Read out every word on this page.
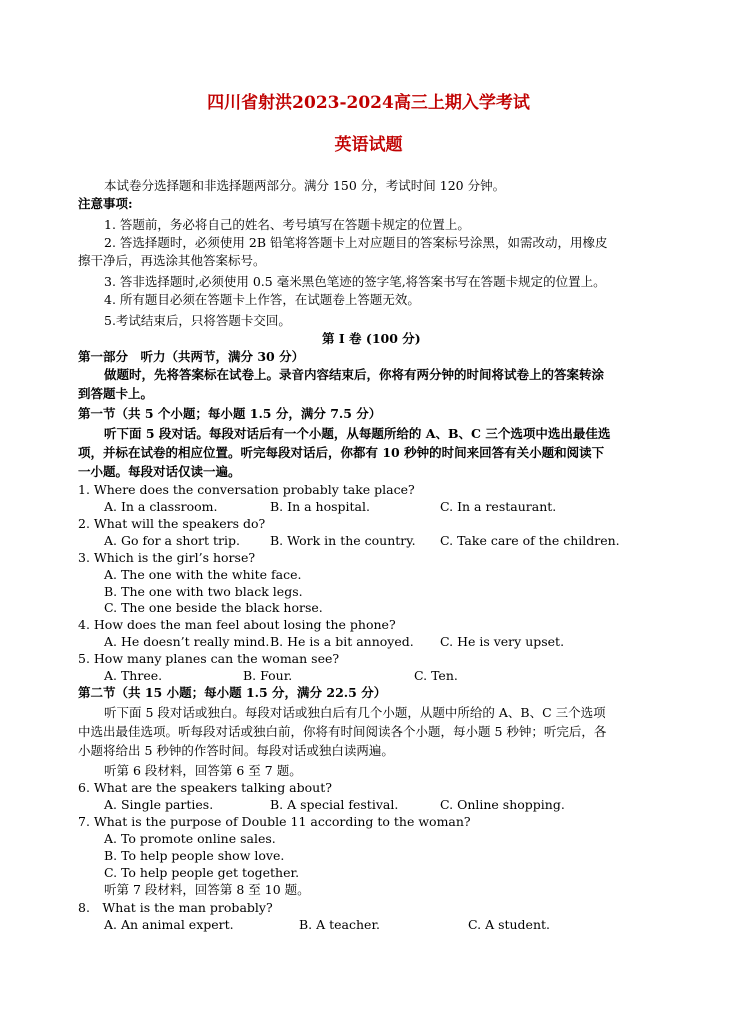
四川省射洪2023-2024高三上期入学考试
英语试题
本试卷分选择题和非选择题两部分。满分 150 分，考试时间 120 分钟。
注意事项:
1. 答题前，务必将自己的姓名、考号填写在答题卡规定的位置上。
2. 答选择题时，必须使用 2B 铅笔将答题卡上对应题目的答案标号涂黑，如需改动，用橡皮
擦干净后，再选涂其他答案标号。
3. 答非选择题时,必须使用 0.5 毫米黑色笔迹的签字笔,将答案书写在答题卡规定的位置上。
4. 所有题目必须在答题卡上作答，在试题卷上答题无效。
5.考试结束后，只将答题卡交回。
第 I 卷 (100 分)
第一部分　听力（共两节，满分 30 分）
做题时，先将答案标在试卷上。录音内容结束后，你将有两分钟的时间将试卷上的答案转涂
到答题卡上。
第一节（共 5 个小题；每小题 1.5 分，满分 7.5 分）
听下面 5 段对话。每段对话后有一个小题，从每题所给的 A、B、C 三个选项中选出最佳选
项，并标在试卷的相应位置。听完每段对话后，你都有 10 秒钟的时间来回答有关小题和阅读下
一小题。每段对话仅读一遍。
1. Where does the conversation probably take place?
A. In a classroom.	B. In a hospital.	C. In a restaurant.
2. What will the speakers do?
A. Go for a short trip. B. Work in the country. C. Take care of the children.
3. Which is the girl’s horse?
A. The one with the white face.
B. The one with two black legs.
C. The one beside the black horse.
4. How does the man feel about losing the phone?
A. He doesn’t really mind. B. He is a bit annoyed. C. He is very upset.
5. How many planes can the woman see?
A. Three.	B. Four.	C. Ten.
第二节（共 15 小题；每小题 1.5 分，满分 22.5 分）
听下面 5 段对话或独白。每段对话或独白后有几个小题，从题中所给的 A、B、C 三个选项
中选出最佳选项。听每段对话或独白前，你将有时间阅读各个小题，每小题 5 秒钟；听完后，各
小题将给出 5 秒钟的作答时间。每段对话或独白读两遍。
听第 6 段材料，回答第 6 至 7 题。
6. What are the speakers talking about?
A. Single parties.	B. A special festival.	C. Online shopping.
7. What is the purpose of Double 11 according to the woman?
A. To promote online sales.
B. To help people show love.
C. To help people get together.
听第 7 段材料，回答第 8 至 10 题。
8.　What is the man probably?
A. An animal expert.	B. A teacher.	C. A student.
